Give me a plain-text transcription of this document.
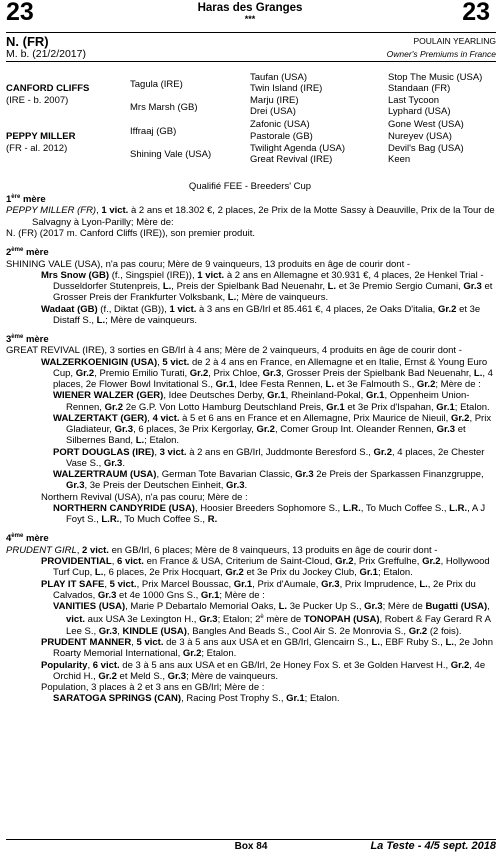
23	23
Haras des Granges
***
N. (FR)
M. b. (21/2/2017)
POULAIN YEARLING
Owner's Premiums in France
CANFORD CLIFFS
(IRE - b. 2007)
PEPPY MILLER
(FR - al. 2012)
Tagula (IRE)
Mrs Marsh (GB)
Iffraaj (GB)
Shining Vale (USA)
Taufan (USA)
Twin Island (IRE)
Marju (IRE)
Drei (USA)
Zafonic (USA)
Pastorale (GB)
Twilight Agenda (USA)
Great Revival (IRE)
Stop The Music (USA)
Standaan (FR)
Last Tycoon
Lyphard (USA)
Gone West (USA)
Nureyev (USA)
Devil's Bag (USA)
Keen
Qualifié FEE - Breeders' Cup

1ère mère

PEPPY MILLER (FR), 1 vict. à 2 ans et 18.302 €, 2 places, 2e Prix de la Motte Sassy à Deauville, Prix de la Tour de Salvagny à Lyon-Parilly; Mère de:

N. (FR) (2017 m. Canford Cliffs (IRE)), son premier produit.

2ème mère

SHINING VALE (USA), n'a pas couru; Mère de 9 vainqueurs, 13 produits en âge de courir dont -

Mrs Snow (GB) (f., Singspiel (IRE)), 1 vict. à 2 ans en Allemagne et 30.931 €, 4 places, 2e Henkel Trial - Dusseldorfer Stutenpreis, L., Preis der Spielbank Bad Neuenahr, L. et 3e Premio Sergio Cumani, Gr.3 et Grosser Preis der Frankfurter Volksbank, L.; Mère de vainqueurs.

Wadaat (GB) (f., Diktat (GB)), 1 vict. à 3 ans en GB/Irl et 85.461 €, 4 places, 2e Oaks D'italia, Gr.2 et 3e Distaff S., L.; Mère de vainqueurs.

3ème mère

GREAT REVIVAL (IRE), 3 sorties en GB/Irl à 4 ans; Mère de 2 vainqueurs, 4 produits en âge de courir dont -

WALZERKOENIGIN (USA), 5 vict. de 2 à 4 ans en France, en Allemagne et en Italie, Ernst & Young Euro Cup, Gr.2, Premio Emilio Turati, Gr.2, Prix Chloe, Gr.3, Grosser Preis der Spielbank Bad Neuenahr, L., 4 places, 2e Flower Bowl Invitational S., Gr.1, Idee Festa Rennen, L. et 3e Falmouth S., Gr.2; Mère de :

WIENER WALZER (GER), Idee Deutsches Derby, Gr.1, Rheinland-Pokal, Gr.1, Oppenheim Union-Rennen, Gr.2 2e G.P. Von Lotto Hamburg Deutschland Preis, Gr.1 et 3e Prix d'Ispahan, Gr.1; Etalon.

WALZERTAKT (GER), 4 vict. à 5 et 6 ans en France et en Allemagne, Prix Maurice de Nieuil, Gr.2, Prix Gladiateur, Gr.3, 6 places, 3e Prix Kergorlay, Gr.2, Comer Group Int. Oleander Rennen, Gr.3 et Silbernes Band, L.; Etalon.

PORT DOUGLAS (IRE), 3 vict. à 2 ans en GB/Irl, Juddmonte Beresford S., Gr.2, 4 places, 2e Chester Vase S., Gr.3.

WALZERTRAUM (USA), German Tote Bavarian Classic, Gr.3 2e Preis der Sparkassen Finanzgruppe, Gr.3, 3e Preis der Deutschen Einheit, Gr.3.

Northern Revival (USA), n'a pas couru; Mère de :

NORTHERN CANDYRIDE (USA), Hoosier Breeders Sophomore S., L.R., To Much Coffee S., L.R., A J Foyt S., L.R., To Much Coffee S., R.

4ème mère

PRUDENT GIRL, 2 vict. en GB/Irl, 6 places; Mère de 8 vainqueurs, 13 produits en âge de courir dont -

PROVIDENTIAL, 6 vict. en France & USA, Criterium de Saint-Cloud, Gr.2, Prix Greffulhe, Gr.2, Hollywood Turf Cup, L., 6 places, 2e Prix Hocquart, Gr.2 et 3e Prix du Jockey Club, Gr.1; Etalon.

PLAY IT SAFE, 5 vict., Prix Marcel Boussac, Gr.1, Prix d'Aumale, Gr.3, Prix Imprudence, L., 2e Prix du Calvados, Gr.3 et 4e 1000 Gns S., Gr.1; Mère de :

VANITIES (USA), Marie P Debartalo Memorial Oaks, L. 3e Pucker Up S., Gr.3; Mère de Bugatti (USA), vict. aux USA 3e Lexington H., Gr.3; Etalon; $2^è$ mère de TONOPAH (USA), Robert & Fay Gerard R A Lee S., Gr.3, KINDLE (USA), Bangles And Beads S., Cool Air S. 2e Monrovia S., Gr.2 (2 fois).

PRUDENT MANNER, 5 vict. de 3 à 5 ans aux USA et en GB/Irl, Glencairn S., L., EBF Ruby S., L., 2e John Roarty Memorial International, Gr.2; Etalon.

Popularity, 6 vict. de 3 à 5 ans aux USA et en GB/Irl, 2e Honey Fox S. et 3e Golden Harvest H., Gr.2, 4e Orchid H., Gr.2 et Meld S., Gr.3; Mère de vainqueurs.

Population, 3 places à 2 et 3 ans en GB/Irl; Mère de :

SARATOGA SPRINGS (CAN), Racing Post Trophy S., Gr.1; Etalon.

Box 84	La Teste - 4/5 sept. 2018
